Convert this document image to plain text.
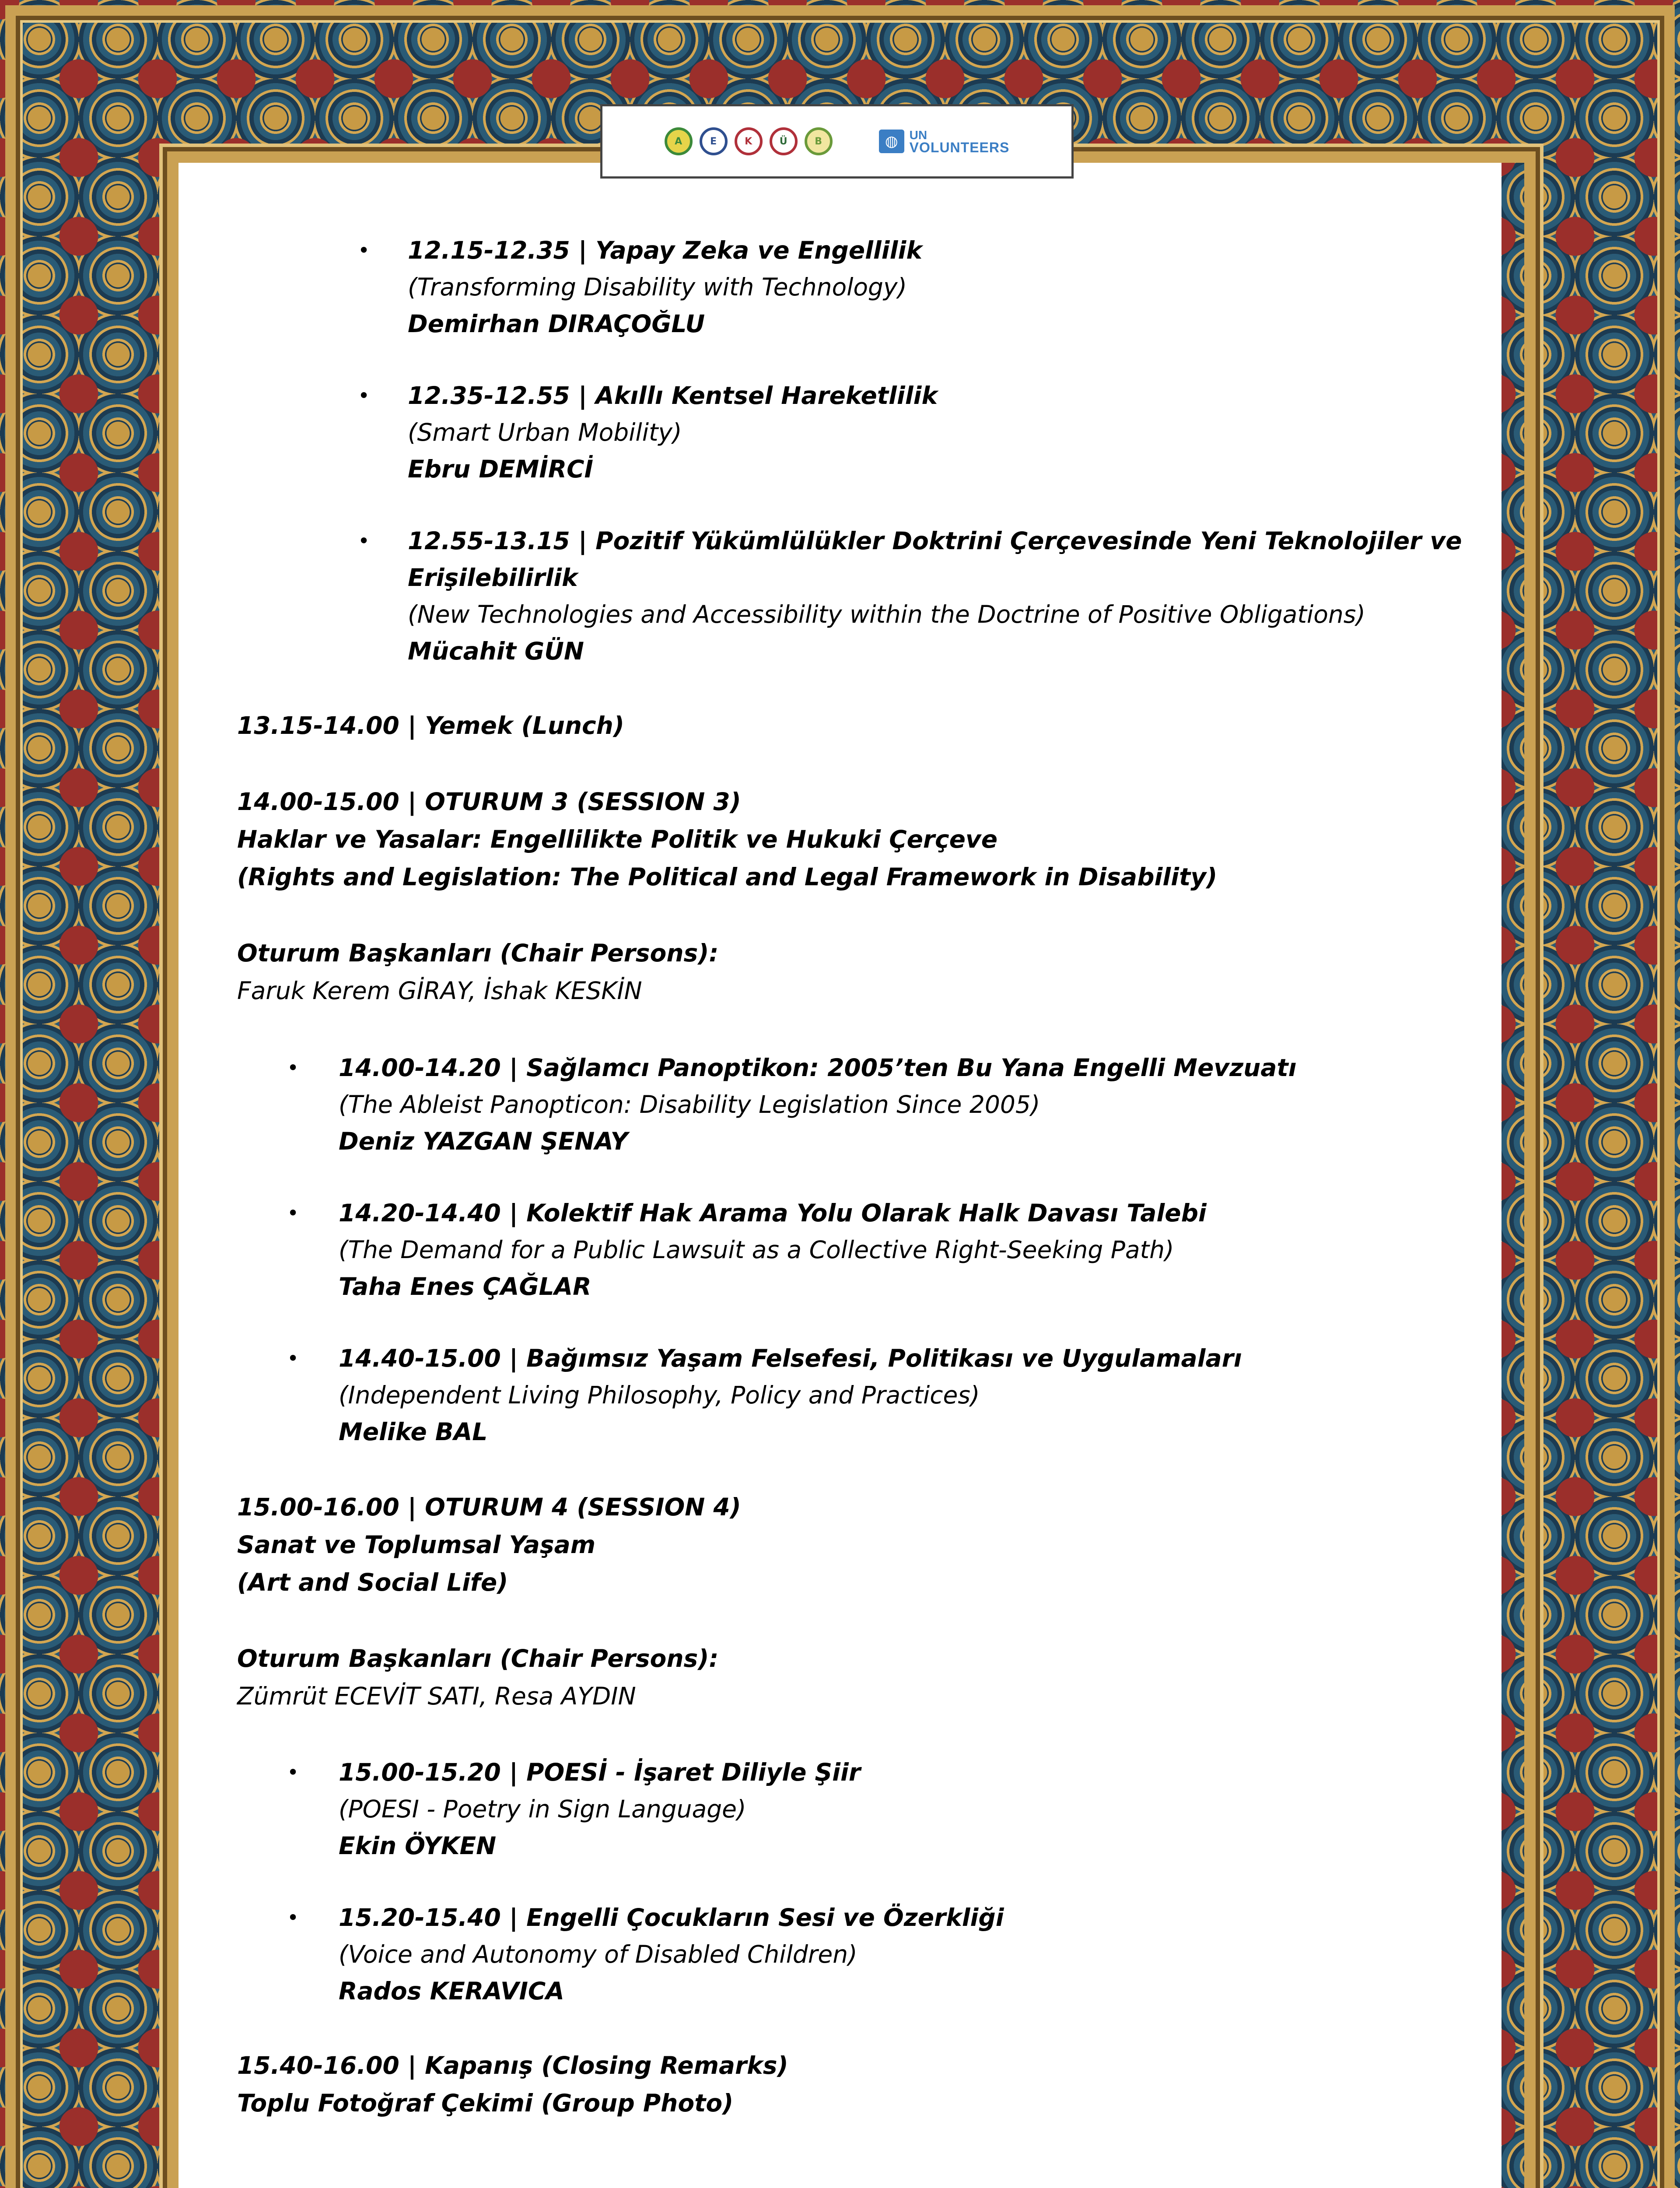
A	E	K	Ü	B	◍ UN
VOLUNTEERS
• 12.15-12.35 | Yapay Zeka ve Engellilik

(Transforming Disability with Technology)

Demirhan DIRAÇOĞLU

• 12.35-12.55 | Akıllı Kentsel Hareketlilik

(Smart Urban Mobility)

Ebru DEMİRCİ

• 12.55-13.15 | Pozitif Yükümlülükler Doktrini Çerçevesinde Yeni Teknolojiler ve

Erişilebilirlik

(New Technologies and Accessibility within the Doctrine of Positive Obligations)

Mücahit GÜN

13.15-14.00 | Yemek (Lunch)

14.00-15.00 | OTURUM 3 (SESSION 3)

Haklar ve Yasalar: Engellilikte Politik ve Hukuki Çerçeve

(Rights and Legislation: The Political and Legal Framework in Disability)

Oturum Başkanları (Chair Persons):

Faruk Kerem GİRAY, İshak KESKİN

• 14.00-14.20 | Sağlamcı Panoptikon: 2005’ten Bu Yana Engelli Mevzuatı

(The Ableist Panopticon: Disability Legislation Since 2005)

Deniz YAZGAN ŞENAY

• 14.20-14.40 | Kolektif Hak Arama Yolu Olarak Halk Davası Talebi

(The Demand for a Public Lawsuit as a Collective Right-Seeking Path)

Taha Enes ÇAĞLAR

• 14.40-15.00 | Bağımsız Yaşam Felsefesi, Politikası ve Uygulamaları

(Independent Living Philosophy, Policy and Practices)

Melike BAL

15.00-16.00 | OTURUM 4 (SESSION 4)

Sanat ve Toplumsal Yaşam

(Art and Social Life)

Oturum Başkanları (Chair Persons):

Zümrüt ECEVİT SATI, Resa AYDIN

• 15.00-15.20 | POESİ - İşaret Diliyle Şiir

(POESI - Poetry in Sign Language)

Ekin ÖYKEN

• 15.20-15.40 | Engelli Çocukların Sesi ve Özerkliği

(Voice and Autonomy of Disabled Children)

Rados KERAVICA

15.40-16.00 | Kapanış (Closing Remarks)

Toplu Fotoğraf Çekimi (Group Photo)
